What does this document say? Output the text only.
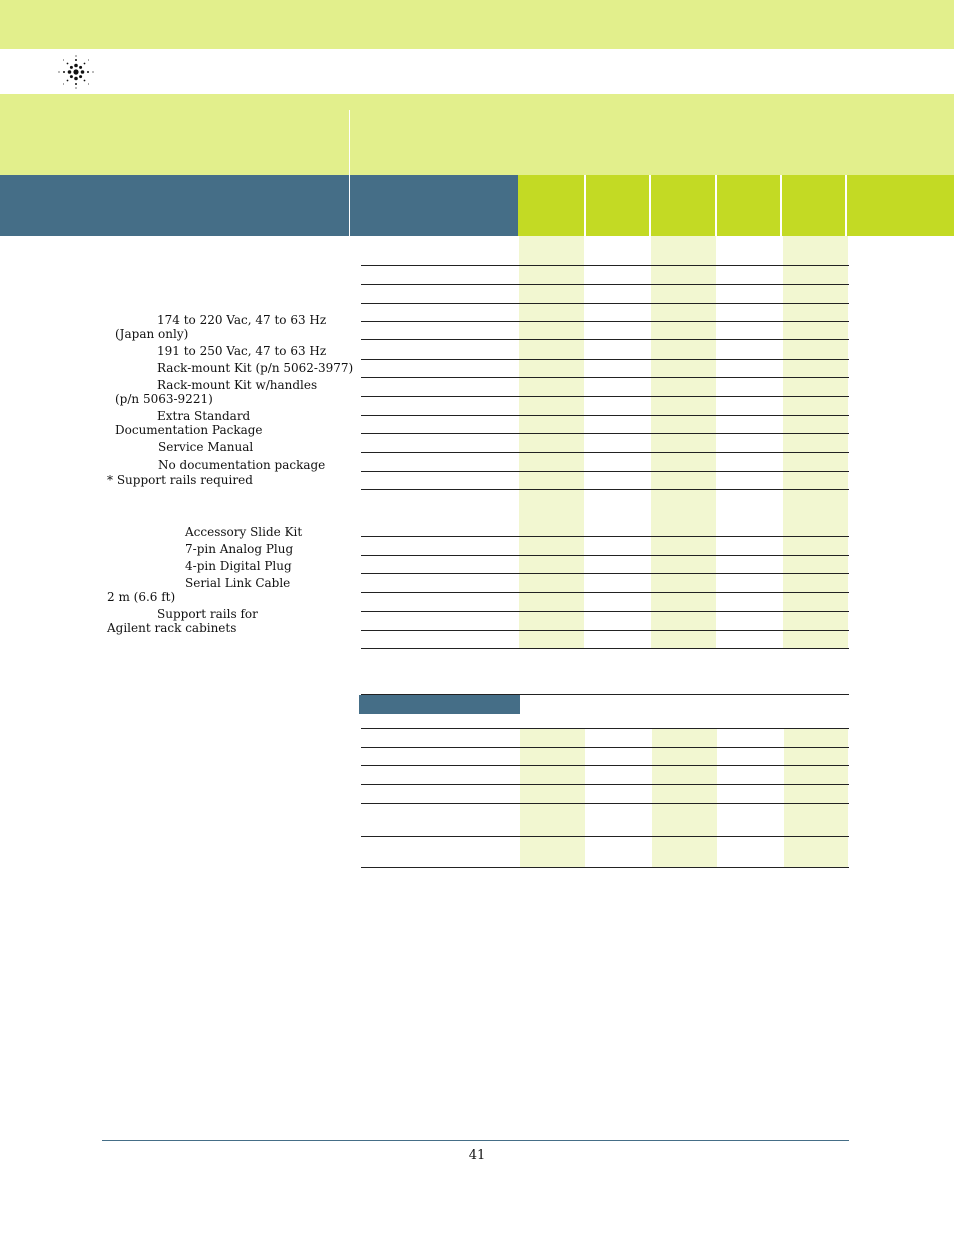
174 to 220 Vac, 47 to 63 Hz
(Japan only)
191 to 250 Vac, 47 to 63 Hz
Rack-mount Kit (p/n 5062-3977)
Rack-mount Kit w/handles
(p/n 5063-9221)
Extra Standard
Documentation Package
Service Manual
No documentation package
* Support rails required
Accessory Slide Kit
7-pin Analog Plug
4-pin Digital Plug
Serial Link Cable
2 m (6.6 ft)
Support rails for
Agilent rack cabinets
41
